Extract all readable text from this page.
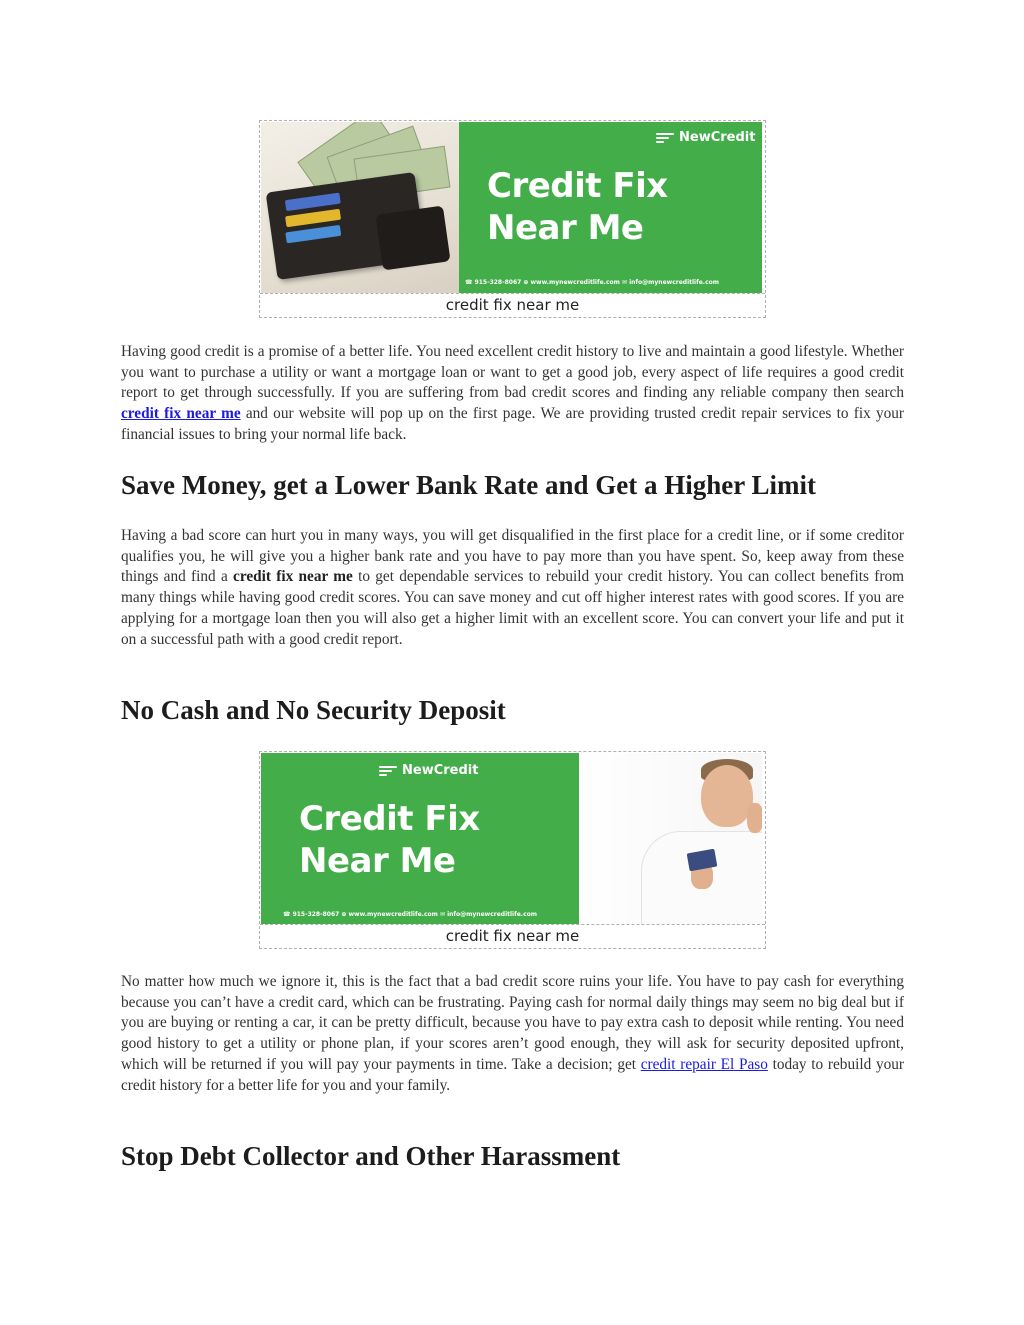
NewCredit
Credit Fix
Near Me
☎ 915-328-8067 ⊕ www.mynewcreditlife.com ✉ info@mynewcreditlife.com
credit fix near me

Having good credit is a promise of a better life. You need excellent credit history to live and maintain a good lifestyle. Whether you want to purchase a utility or want a mortgage loan or want to get a good job, every aspect of life requires a good credit report to get through successfully. If you are suffering from bad credit scores and finding any reliable company then search credit fix near me and our website will pop up on the first page. We are providing trusted credit repair services to fix your financial issues to bring your normal life back.

Save Money, get a Lower Bank Rate and Get a Higher Limit

Having a bad score can hurt you in many ways, you will get disqualified in the first place for a credit line, or if some creditor qualifies you, he will give you a higher bank rate and you have to pay more than you have spent. So, keep away from these things and find a credit fix near me to get dependable services to rebuild your credit history. You can collect benefits from many things while having good credit scores. You can save money and cut off higher interest rates with good scores. If you are applying for a mortgage loan then you will also get a higher limit with an excellent score. You can convert your life and put it on a successful path with a good credit report.

No Cash and No Security Deposit
NewCredit
Credit Fix
Near Me
☎ 915-328-8067 ⊕ www.mynewcreditlife.com ✉ info@mynewcreditlife.com
credit fix near me

No matter how much we ignore it, this is the fact that a bad credit score ruins your life. You have to pay cash for everything because you can’t have a credit card, which can be frustrating. Paying cash for normal daily things may seem no big deal but if you are buying or renting a car, it can be pretty difficult, because you have to pay extra cash to deposit while renting. You need good history to get a utility or phone plan, if your scores aren’t good enough, they will ask for security deposited upfront, which will be returned if you will pay your payments in time. Take a decision; get credit repair El Paso today to rebuild your credit history for a better life for you and your family.

Stop Debt Collector and Other Harassment
